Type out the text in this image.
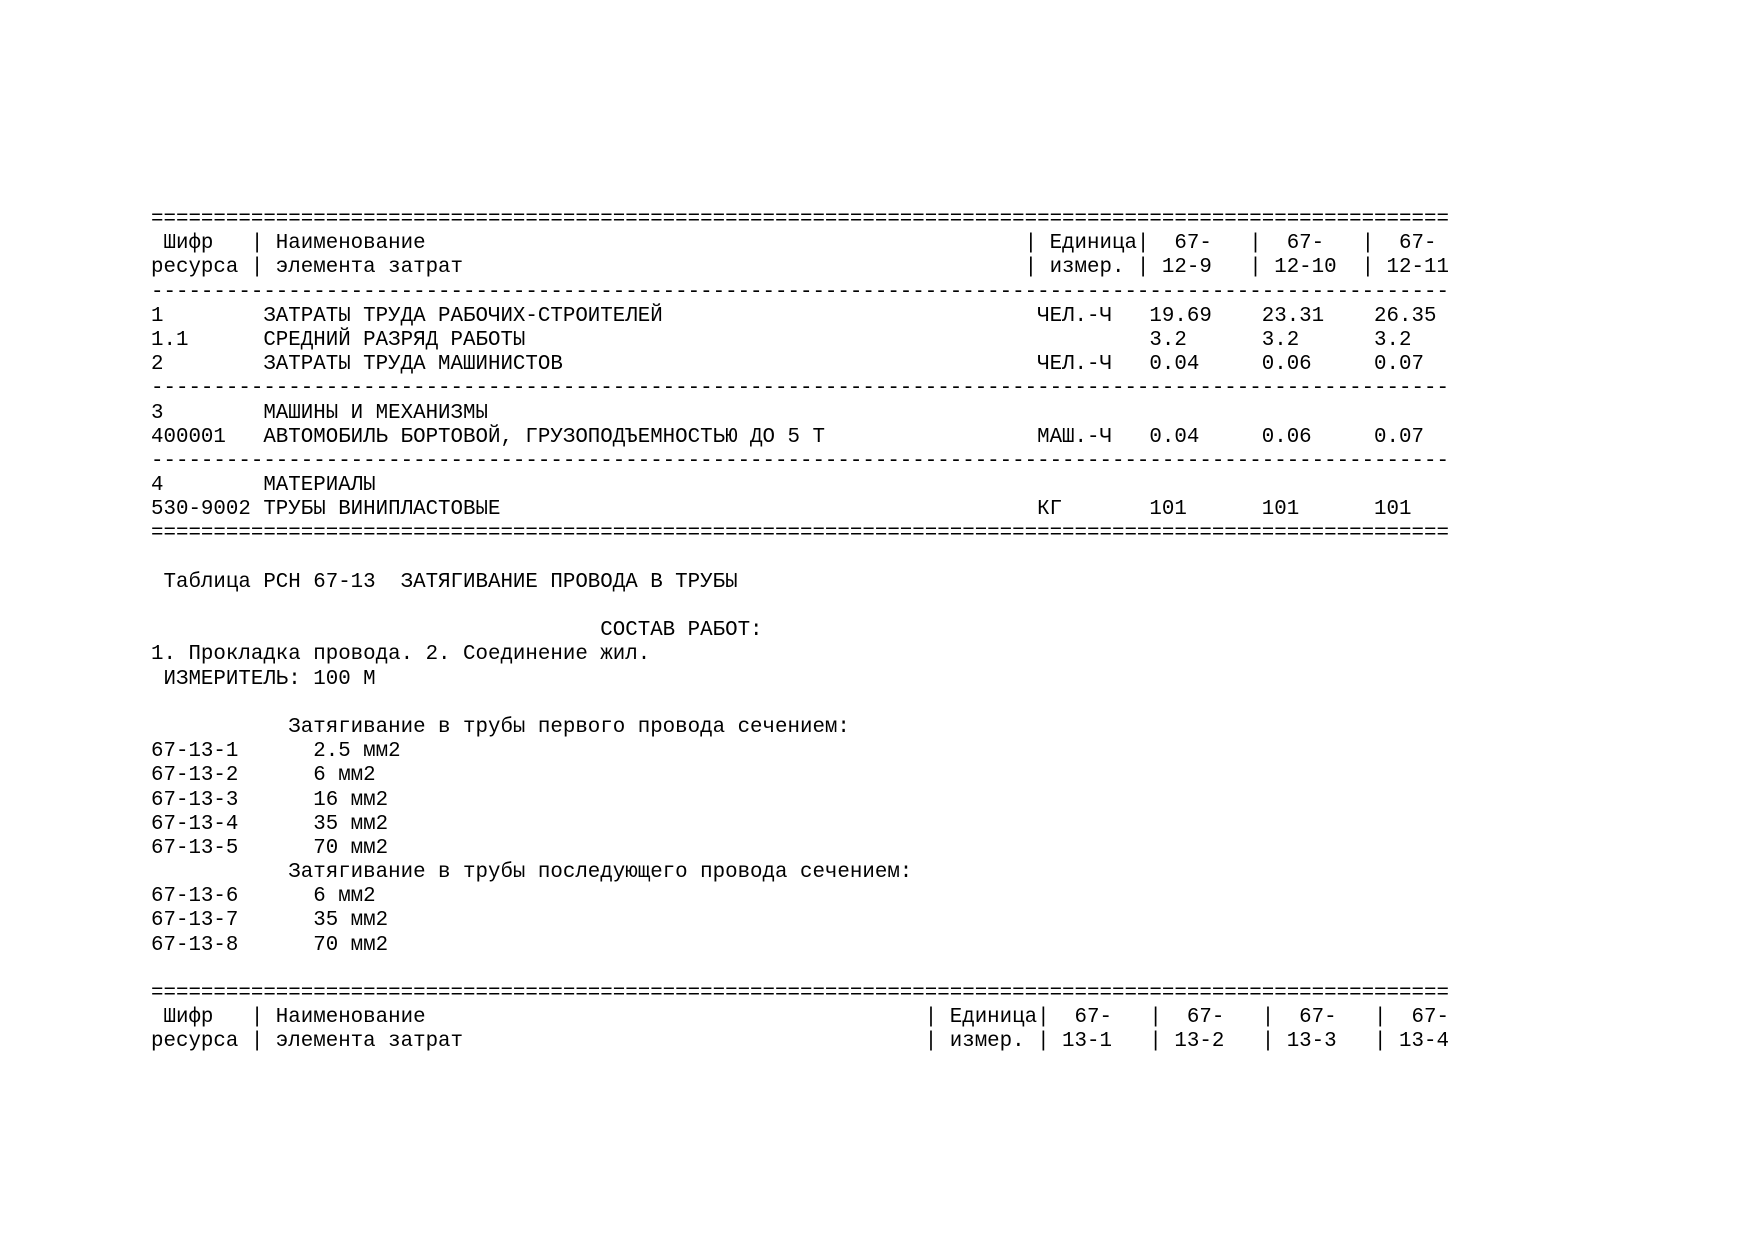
========================================================================================================
Шифр   | Наименование                                                | Единица|  67-   |  67-   |  67-
ресурса | элемента затрат                                             | измер. | 12-9   | 12-10  | 12-11
--------------------------------------------------------------------------------------------------------
1        ЗАТРАТЫ ТРУДА РАБОЧИХ-СТРОИТЕЛЕЙ                              ЧЕЛ.-Ч   19.69    23.31    26.35
1.1      СРЕДНИЙ РАЗРЯД РАБОТЫ                                                  3.2      3.2      3.2
2        ЗАТРАТЫ ТРУДА МАШИНИСТОВ                                      ЧЕЛ.-Ч   0.04     0.06     0.07
--------------------------------------------------------------------------------------------------------
3        МАШИНЫ И МЕХАНИЗМЫ
400001   АВТОМОБИЛЬ БОРТОВОЙ, ГРУЗОПОДЪЕМНОСТЬЮ ДО 5 Т                 МАШ.-Ч   0.04     0.06     0.07
--------------------------------------------------------------------------------------------------------
4        МАТЕРИАЛЫ
530-9002 ТРУБЫ ВИНИПЛАСТОВЫЕ                                           КГ       101      101      101
========================================================================================================
Таблица РСН 67-13  ЗАТЯГИВАНИЕ ПРОВОДА В ТРУБЫ
СОСТАВ РАБОТ:
1. Прокладка провода. 2. Соединение жил.
ИЗМЕРИТЕЛЬ: 100 М
Затягивание в трубы первого провода сечением:
67-13-1      2.5 мм2
67-13-2      6 мм2
67-13-3      16 мм2
67-13-4      35 мм2
67-13-5      70 мм2
Затягивание в трубы последующего провода сечением:
67-13-6      6 мм2
67-13-7      35 мм2
67-13-8      70 мм2
========================================================================================================
Шифр   | Наименование                                        | Единица|  67-   |  67-   |  67-   |  67-
ресурса | элемента затрат                                     | измер. | 13-1   | 13-2   | 13-3   | 13-4
